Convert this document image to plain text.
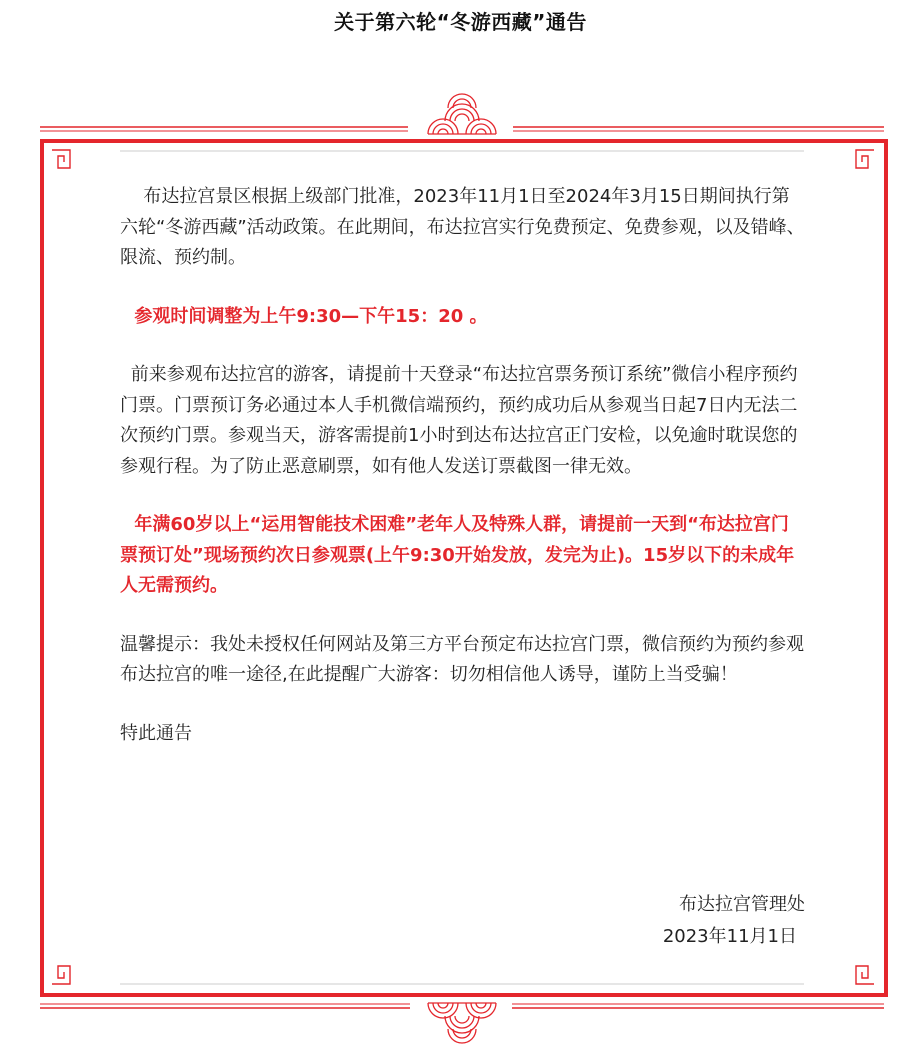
关于第六轮“冬游西藏”通告

布达拉宫景区根据上级部门批准，2023年11月1日至2024年3月15日期间执行第六轮“冬游西藏”活动政策。在此期间，布达拉宫实行免费预定、免费参观，以及错峰、限流、预约制。

参观时间调整为上午9:30—下午15：20 。

前来参观布达拉宫的游客，请提前十天登录“布达拉宫票务预订系统”微信小程序预约门票。门票预订务必通过本人手机微信端预约，预约成功后从参观当日起7日内无法二次预约门票。参观当天，游客需提前1小时到达布达拉宫正门安检，以免逾时耽误您的参观行程。为了防止恶意刷票，如有他人发送订票截图一律无效。

年满60岁以上“运用智能技术困难”老年人及特殊人群，请提前一天到“布达拉宫门票预订处”现场预约次日参观票(上午9:30开始发放，发完为止)。15岁以下的未成年人无需预约。

温馨提示：我处未授权任何网站及第三方平台预定布达拉宫门票，微信预约为预约参观布达拉宫的唯一途径,在此提醒广大游客：切勿相信他人诱导，谨防上当受骗！

特此通告

布达拉宫管理处
2023年11月1日
